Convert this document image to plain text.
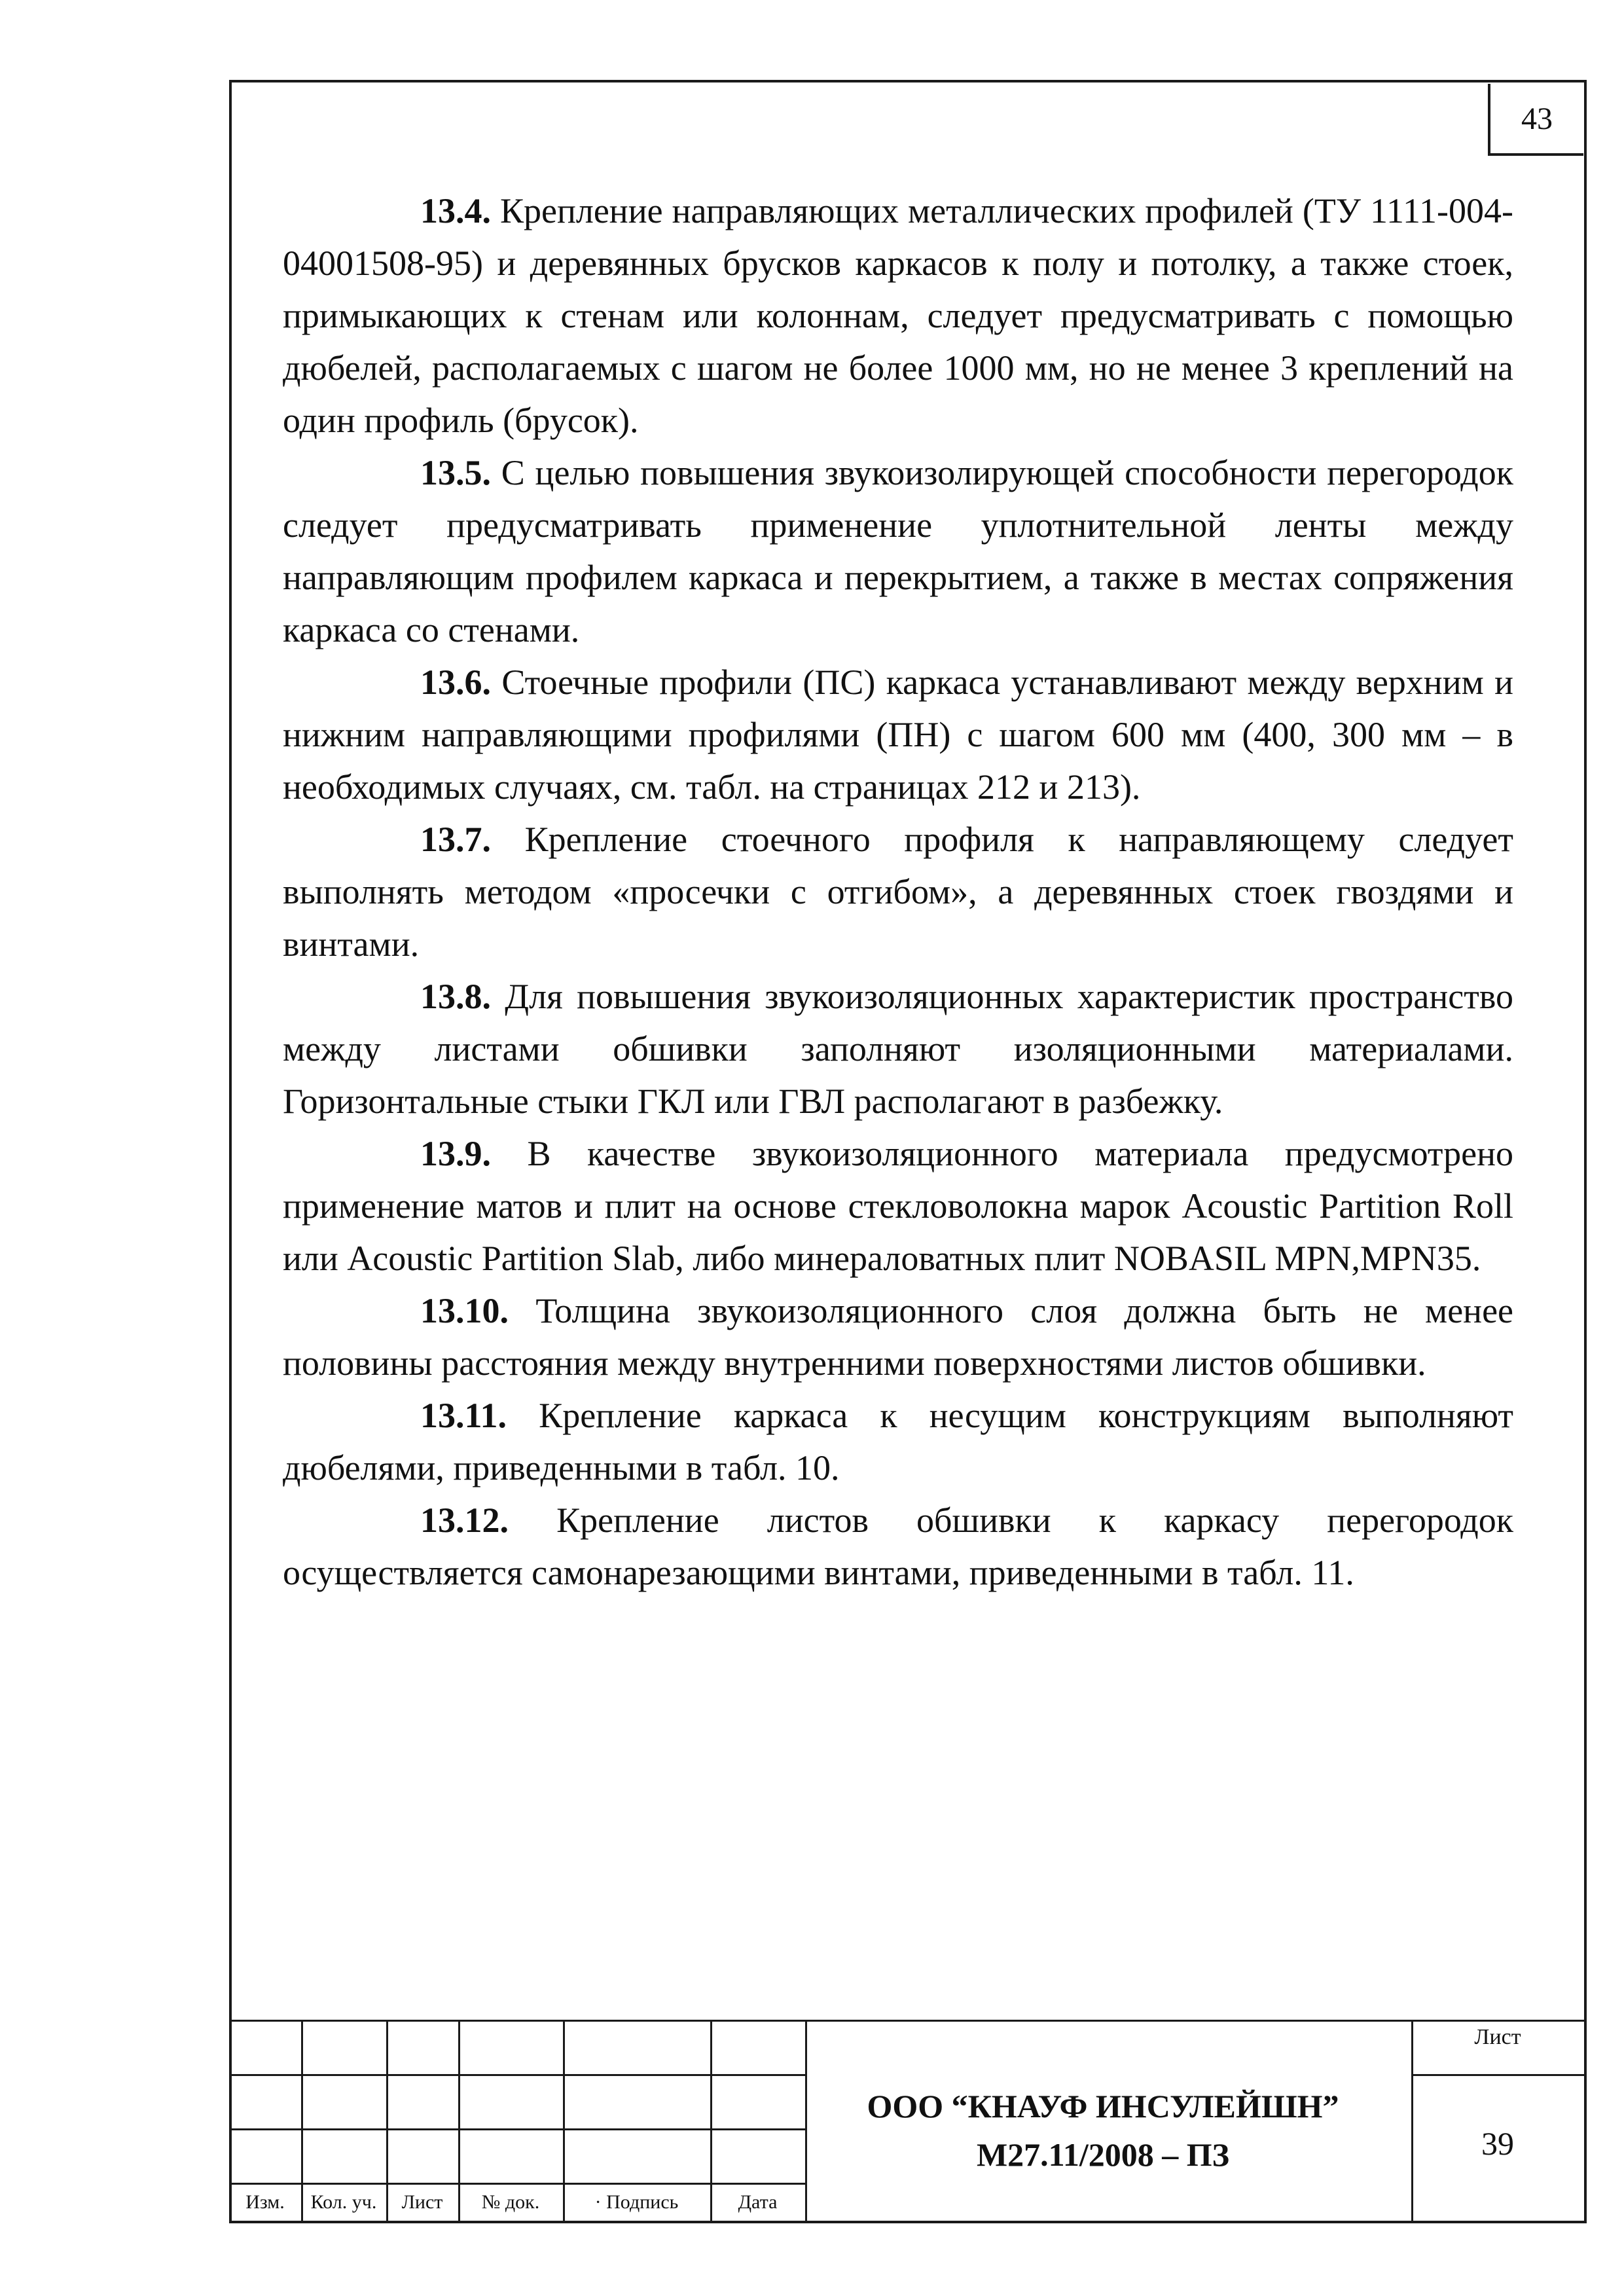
43

13.4. Крепление направляющих металлических профилей (ТУ 1111-004-04001508-95) и деревянных брусков каркасов к полу и потолку, а также стоек, примыкающих к стенам или колоннам, следует предусматривать с помощью дюбелей, располагаемых с шагом не более 1000 мм, но не менее 3 креплений на один профиль (брусок).

13.5. С целью повышения звукоизолирующей способности перегородок следует предусматривать применение уплотнительной ленты между направляющим профилем каркаса и перекрытием, а также в местах сопряжения каркаса со стенами.

13.6. Стоечные профили (ПС) каркаса устанавливают между верхним и нижним направляющими профилями (ПН) с шагом 600 мм (400, 300 мм – в необходимых случаях, см. табл. на страницах 212 и 213).

13.7. Крепление стоечного профиля к направляющему следует выполнять методом «просечки с отгибом», а деревянных стоек гвоздями и винтами.

13.8. Для повышения звукоизоляционных характеристик пространство между листами обшивки заполняют изоляционными материалами. Горизонтальные стыки ГКЛ или ГВЛ располагают в разбежку.

13.9. В качестве звукоизоляционного материала предусмотрено применение матов и плит на основе стекловолокна марок Acoustic Partition Roll или Acoustic Partition Slab, либо минераловатных плит NOBASIL MPN,MPN35.

13.10. Толщина звукоизоляционного слоя должна быть не менее половины расстояния между внутренними поверхностями листов обшивки.

13.11. Крепление каркаса к несущим конструкциям выполняют дюбелями, приведенными в табл. 10.

13.12. Крепление листов обшивки к каркасу перегородок осуществляется самонарезающими винтами, приведенными в табл. 11.

Изм.	Кол. уч.	Лист	№ док.	· Подпись	Дата
ООО “КНАУФ ИНСУЛЕЙШН”
М27.11/2008 – ПЗ
Лист
39
